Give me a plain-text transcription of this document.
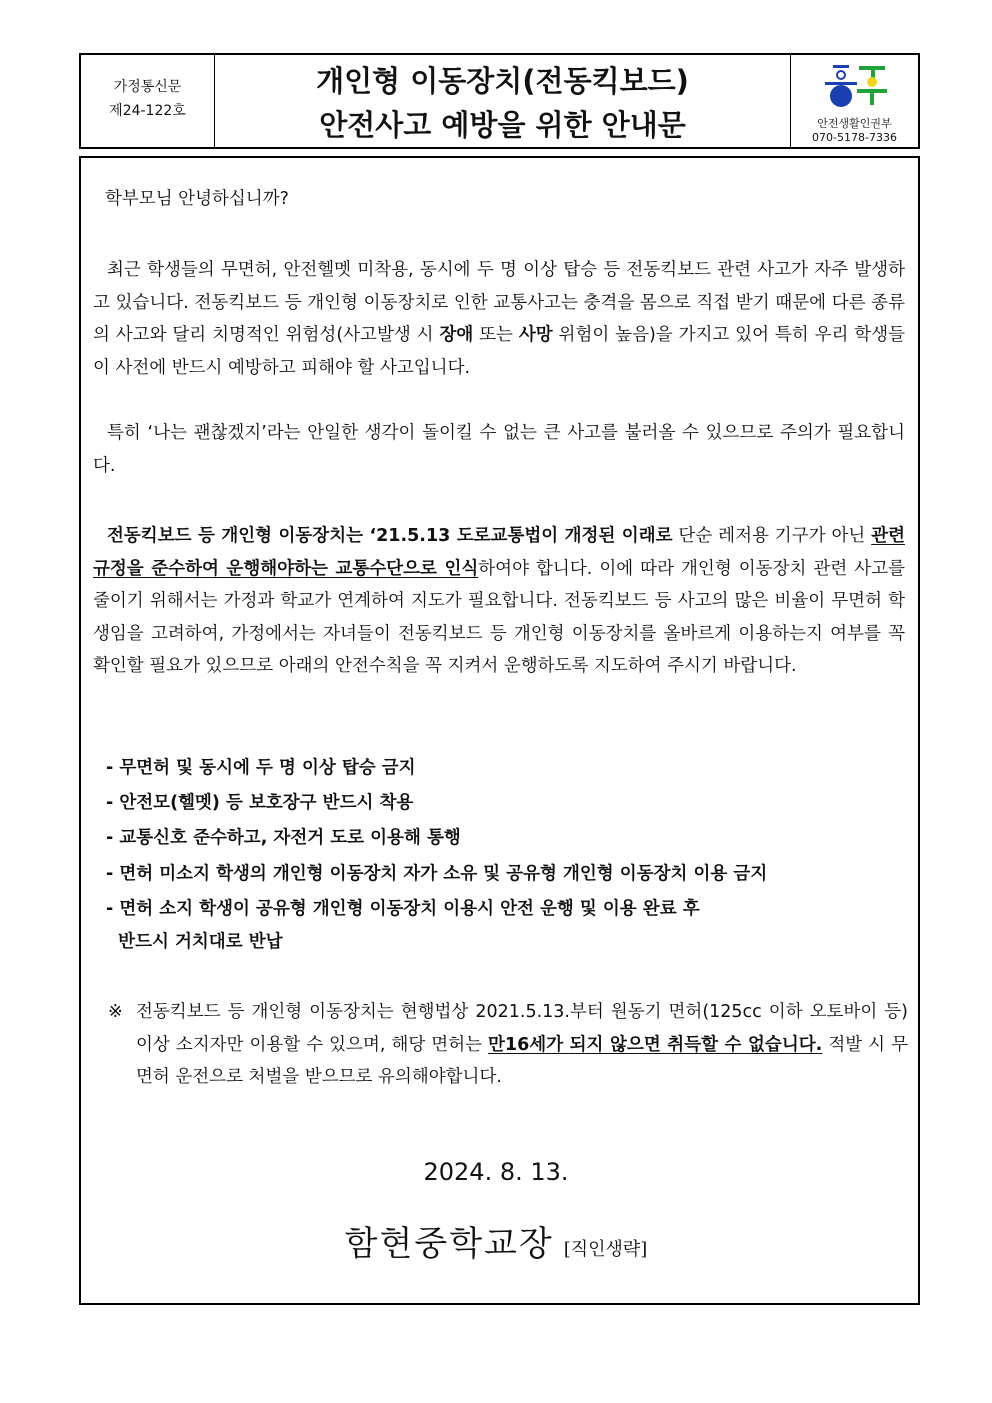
가정통신문
제24-122호
개인형 이동장치(전동킥보드)
안전사고 예방을 위한 안내문	안전생활인권부
070-5178-7336

학부모님 안녕하십니까?

최근 학생들의 무면허, 안전헬멧 미착용, 동시에 두 명 이상 탑승 등 전동킥보드 관련 사고가 자주 발생하고 있습니다. 전동킥보드 등 개인형 이동장치로 인한 교통사고는 충격을 몸으로 직접 받기 때문에 다른 종류의 사고와 달리 치명적인 위험성(사고발생 시 장애 또는 사망 위험이 높음)을 가지고 있어 특히 우리 학생들이 사전에 반드시 예방하고 피해야 할 사고입니다.

특히 ‘나는 괜찮겠지’라는 안일한 생각이 돌이킬 수 없는 큰 사고를 불러올 수 있으므로 주의가 필요합니다.

전동킥보드 등 개인형 이동장치는 ‘21.5.13 도로교통법이 개정된 이래로 단순 레저용 기구가 아닌 관련 규정을 준수하여 운행해야하는 교통수단으로 인식하여야 합니다. 이에 따라 개인형 이동장치 관련 사고를 줄이기 위해서는 가정과 학교가 연계하여 지도가 필요합니다. 전동킥보드 등 사고의 많은 비율이 무면허 학생임을 고려하여, 가정에서는 자녀들이 전동킥보드 등 개인형 이동장치를 올바르게 이용하는지 여부를 꼭 확인할 필요가 있으므로 아래의 안전수칙을 꼭 지켜서 운행하도록 지도하여 주시기 바랍니다.

- 무면허 및 동시에 두 명 이상 탑승 금지

- 안전모(헬멧) 등 보호장구 반드시 착용

- 교통신호 준수하고, 자전거 도로 이용해 통행

- 면허 미소지 학생의 개인형 이동장치 자가 소유 및 공유형 개인형 이동장치 이용 금지

- 면허 소지 학생이 공유형 개인형 이동장치 이용시 안전 운행 및 이용 완료 후

반드시 거치대로 반납

※ 전동킥보드 등 개인형 이동장치는 현행법상 2021.5.13.부터 원동기 면허(125cc 이하 오토바이 등) 이상 소지자만 이용할 수 있으며, 해당 면허는 만16세가 되지 않으면 취득할 수 없습니다. 적발 시 무면허 운전으로 처벌을 받으므로 유의해야합니다.
2024. 8. 13.
함현중학교장 [직인생략]
